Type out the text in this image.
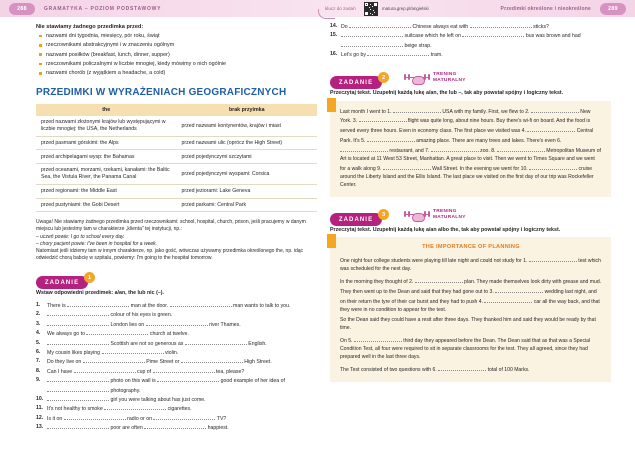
288	GRAMATYKA – POZIOM PODSTAWOWY	klucz do zadań	matura.grep.pl/angielski	Przedimki określone i nieokreślone	289
Nie stawiamy żadnego przedimka przed:
nazwami dni tygodnia, miesięcy, pór roku, świąt
rzeczownikami abstrakcyjnymi i w znaczeniu ogólnym
nazwami posiłków (breakfast, lunch, dinner, supper)
rzeczownikami policzalnymi w liczbie mnogiej, kiedy mówimy o nich ogólnie
nazwami chorób (z wyjątkiem a headache, a cold)
PRZEDIMKI W WYRAŻENIACH GEOGRAFICZNYCH
the	brak przyimka
przed nazwami złożonymi krajów lub występującymi w liczbie mnogiej: the USA, the Netherlands	przed nazwami kontynentów, krajów i miast
przed pasmami górskimi: the Alps	przed nazwami ulic (oprócz the High Street)
przed archipelagami wysp: the Bahamas	przed pojedynczymi szczytami
przed oceanami, morzami, rzekami, kanałami: the Baltic Sea, the Vistula River, the Panama Canal	przed pojedynczymi wyspami: Corsica
przed regionami: the Middle East	przed jeziorami: Lake Geneva
przed pustyniami: the Gobi Desert	przed parkami: Central Park

Uwaga! Nie stawiamy żadnego przedimka przed rzeczownikami: school, hospital, church, prison, jeśli pracujemy w danym miejscu lub jesteśmy tam w charakterze „klienta" tej instytucji, np.:

– uczeń powie: I go to school every day.

– chory pacjent powie: I've been in hospital for a week.

Natomiast jeśli idziemy tam w innym charakterze, np. jako gość, wówczas używamy przedimka określonego the, np. idąc odwiedzić chorą babcię w szpitalu, powiemy: I'm going to the hospital tomorrow.

ZADANIE
1
Wstaw odpowiedni przedimek: a/an, the lub nic (–).
There is	man at the door.	man wants to talk to you.
colour of his eyes is green.
London lies on	river Thames.
We always go to	church at twelve.
Scottish are not so generous as	English.
My cousin likes playing	violin.
Do they live on	Pime Street or	High Street.
Can I have	cup of	tea, please?
photo on this wall is	good example of her idea of  photography.
girl you were talking about has just come.
It's not healthy to smoke	cigarettes.
Is it on	radio or on	TV?
poor are often	happiest.
Do	Chinese always eat with	sticks?
suitcase which he left on	bus was brown and had  beige strap.
Let's go by	tram.
ZADANIE
2	TRENING
MATURALNY
Przeczytaj tekst. Uzupełnij każdą lukę a/an, the lub –, tak aby powstał spójny i logiczny tekst.

Last month I went to 1.	USA with my family. First, we flew to 2.	New York. 3.	flight was quite long, about nine hours. Buy there's wi-fi on board. And the food is served every three hours. Even in economy class. The first place we visited was 4.	Central Park. It's 5.	amazing place. There are many trees and lakes. There's even 6.  restaurant, and 7.	zoo. 8.	Metropolitan Museum of Art is located at 11 West 53 Street, Manhattan. A great place to visit. Then we went to Times Square and we went for a walk along 9.	Wall Street. In the evening we went for 10.	cruise around the Liberty Island and the Ellis Island. The last place we visited on the first day of our trip was Rockefeller Center.

ZADANIE
3	TRENING
MATURALNY
Przeczytaj tekst. Uzupełnij każdą lukę a/an albo the, tak aby powstał spójny i logiczny tekst.
THE IMPORTANCE OF PLANNING

One night four college students were playing till late night and could not study for 1.	test which was scheduled for the next day.

In the morning they thought of 2.	plan. They made themselves look dirty with grease and mud. They then went up to the Dean and said that they had gone out to 3.	wedding last night, and on their return the tyre of their car burst and they had to push 4.	car all the way back, and that they were in no condition to appear for the test.

So the Dean said they could have a resit after three days. They thanked him and said they would be ready by that time.

On 5.	third day they appeared before the Dean. The Dean said that as that was a Special Condition Test, all four were required to sit in separate classrooms for the test. They all agreed, since they had prepared well in the last three days.

The Test consisted of two questions with 6.	total of 100 Marks.
